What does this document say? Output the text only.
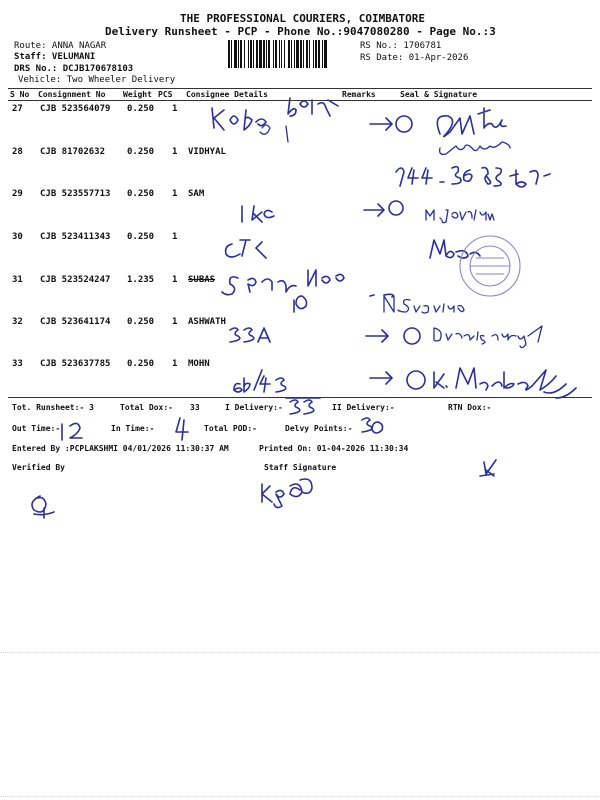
THE PROFESSIONAL COURIERS, COIMBATORE
Delivery Runsheet - PCP - Phone No.:9047080280 - Page No.:3
Route: ANNA NAGAR
Staff: VELUMANI
DRS No.: DCJB170678103
Vehicle: Two Wheeler Delivery
RS No.: 1706781
RS Date: 01-Apr-2026
S No Consignment No Weight PCS Consignee Details	Remarks	Seal & Signature
27 CJB 523564079 0.250 1
28 CJB 81702632 0.250 1 VIDHYAL
29 CJB 523557713 0.250 1 SAM
30 CJB 523411343 0.250 1
31 CJB 523524247 1.235 1 SUBAS
32 CJB 523641174 0.250 1 ASHWATH
33 CJB 523637785 0.250 1 MOHN
Tot. Runsheet:- 3	Total Dox:- 33	I Delivery:-	II Delivery:-	RTN Dox:-
Out Time:-	In Time:-	Total POD:-	Delvy Points:-
Entered By :PCPLAKSHMI 04/01/2026 11:30:37 AM	Printed On: 01-04-2026 11:30:34
Verified By	Staff Signature
